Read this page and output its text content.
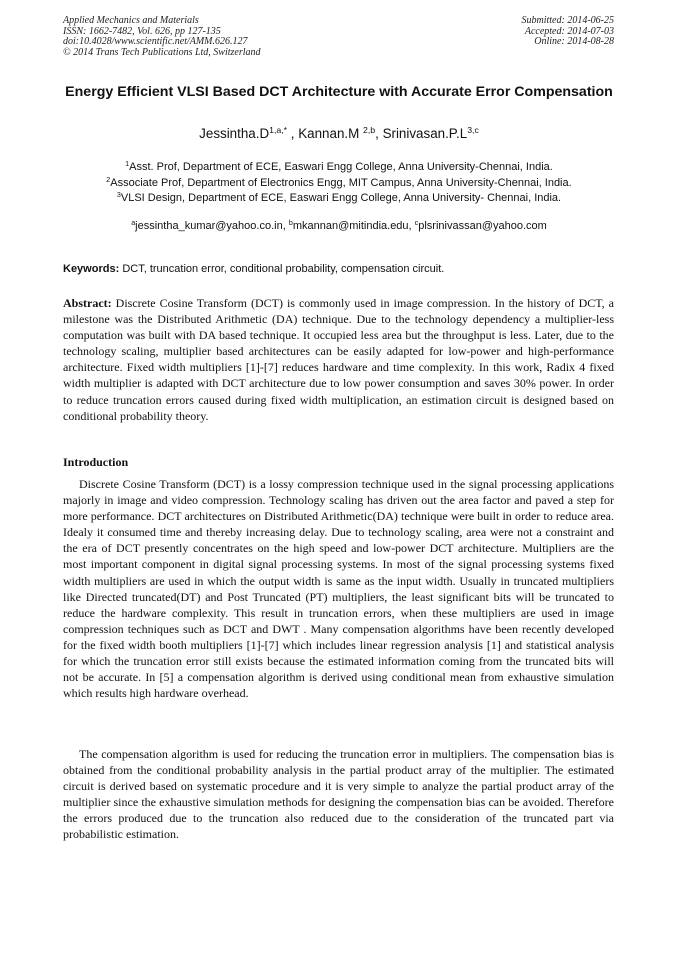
Applied Mechanics and Materials
ISSN: 1662-7482, Vol. 626, pp 127-135
doi:10.4028/www.scientific.net/AMM.626.127
© 2014 Trans Tech Publications Ltd, Switzerland
Submitted: 2014-06-25
Accepted: 2014-07-03
Online: 2014-08-28
Energy Efficient VLSI Based DCT Architecture with Accurate Error Compensation
$Jessintha.D^{1,a,*}$ , Kannan.M $^{2,b}$, $Srinivasan.P.L^{3,c}$
$^1$Asst. Prof, Department of ECE, Easwari Engg College, Anna University-Chennai, India.
$^2$Associate Prof, Department of Electronics Engg, MIT Campus, Anna University-Chennai, India.
$^3$VLSI Design, Department of ECE, Easwari Engg College, Anna University- Chennai, India.
$^a$jessintha_kumar@yahoo.co.in, $^b$mkannan@mitindia.edu, $^c$plsrinivassan@yahoo.com
Keywords: DCT, truncation error, conditional probability, compensation circuit.
Abstract: Discrete Cosine Transform (DCT) is commonly used in image compression. In the history of DCT, a milestone was the Distributed Arithmetic (DA) technique. Due to the technology dependency a multiplier-less computation was built with DA based technique. It occupied less area but the throughput is less. Later, due to the technology scaling, multiplier based architectures can be easily adapted for low-power and high-performance architecture. Fixed width multipliers [1]-[7] reduces hardware and time complexity. In this work, Radix 4 fixed width multiplier is adapted with DCT architecture due to low power consumption and saves 30% power. In order to reduce truncation errors caused during fixed width multiplication, an estimation circuit is designed based on conditional probability theory.
Introduction
Discrete Cosine Transform (DCT) is a lossy compression technique used in the signal processing applications majorly in image and video compression. Technology scaling has driven out the area factor and paved a step for more performance. DCT architectures on Distributed Arithmetic(DA) technique were built in order to reduce area. Idealy it consumed time and thereby increasing delay. Due to technology scaling, area were not a constraint and the era of DCT presently concentrates on the high speed and low-power DCT architecture. Multipliers are the most important component in digital signal processing systems. In most of the signal processing systems fixed width multipliers are used in which the output width is same as the input width. Usually in truncated multipliers like Directed truncated(DT) and Post Truncated (PT) multipliers, the least significant bits will be truncated to reduce the hardware complexity. This result in truncation errors, when these multipliers are used in image compression techniques such as DCT and DWT . Many compensation algorithms have been recently developed for the fixed width booth multipliers [1]-[7] which includes linear regression analysis [1] and statistical analysis for which the truncation error still exists because the estimated information coming from the truncated bits will not be accurate. In [5] a compensation algorithm is derived using conditional mean from exhaustive simulation which results high hardware overhead.
The compensation algorithm is used for reducing the truncation error in multipliers. The compensation bias is obtained from the conditional probability analysis in the partial product array of the multiplier. The estimated circuit is derived based on systematic procedure and it is very simple to analyze the partial product array of the multiplier since the exhaustive simulation methods for designing the compensation bias can be avoided. Therefore the errors produced due to the truncation also reduced due to the consideration of the truncated part via probabilistic estimation.
